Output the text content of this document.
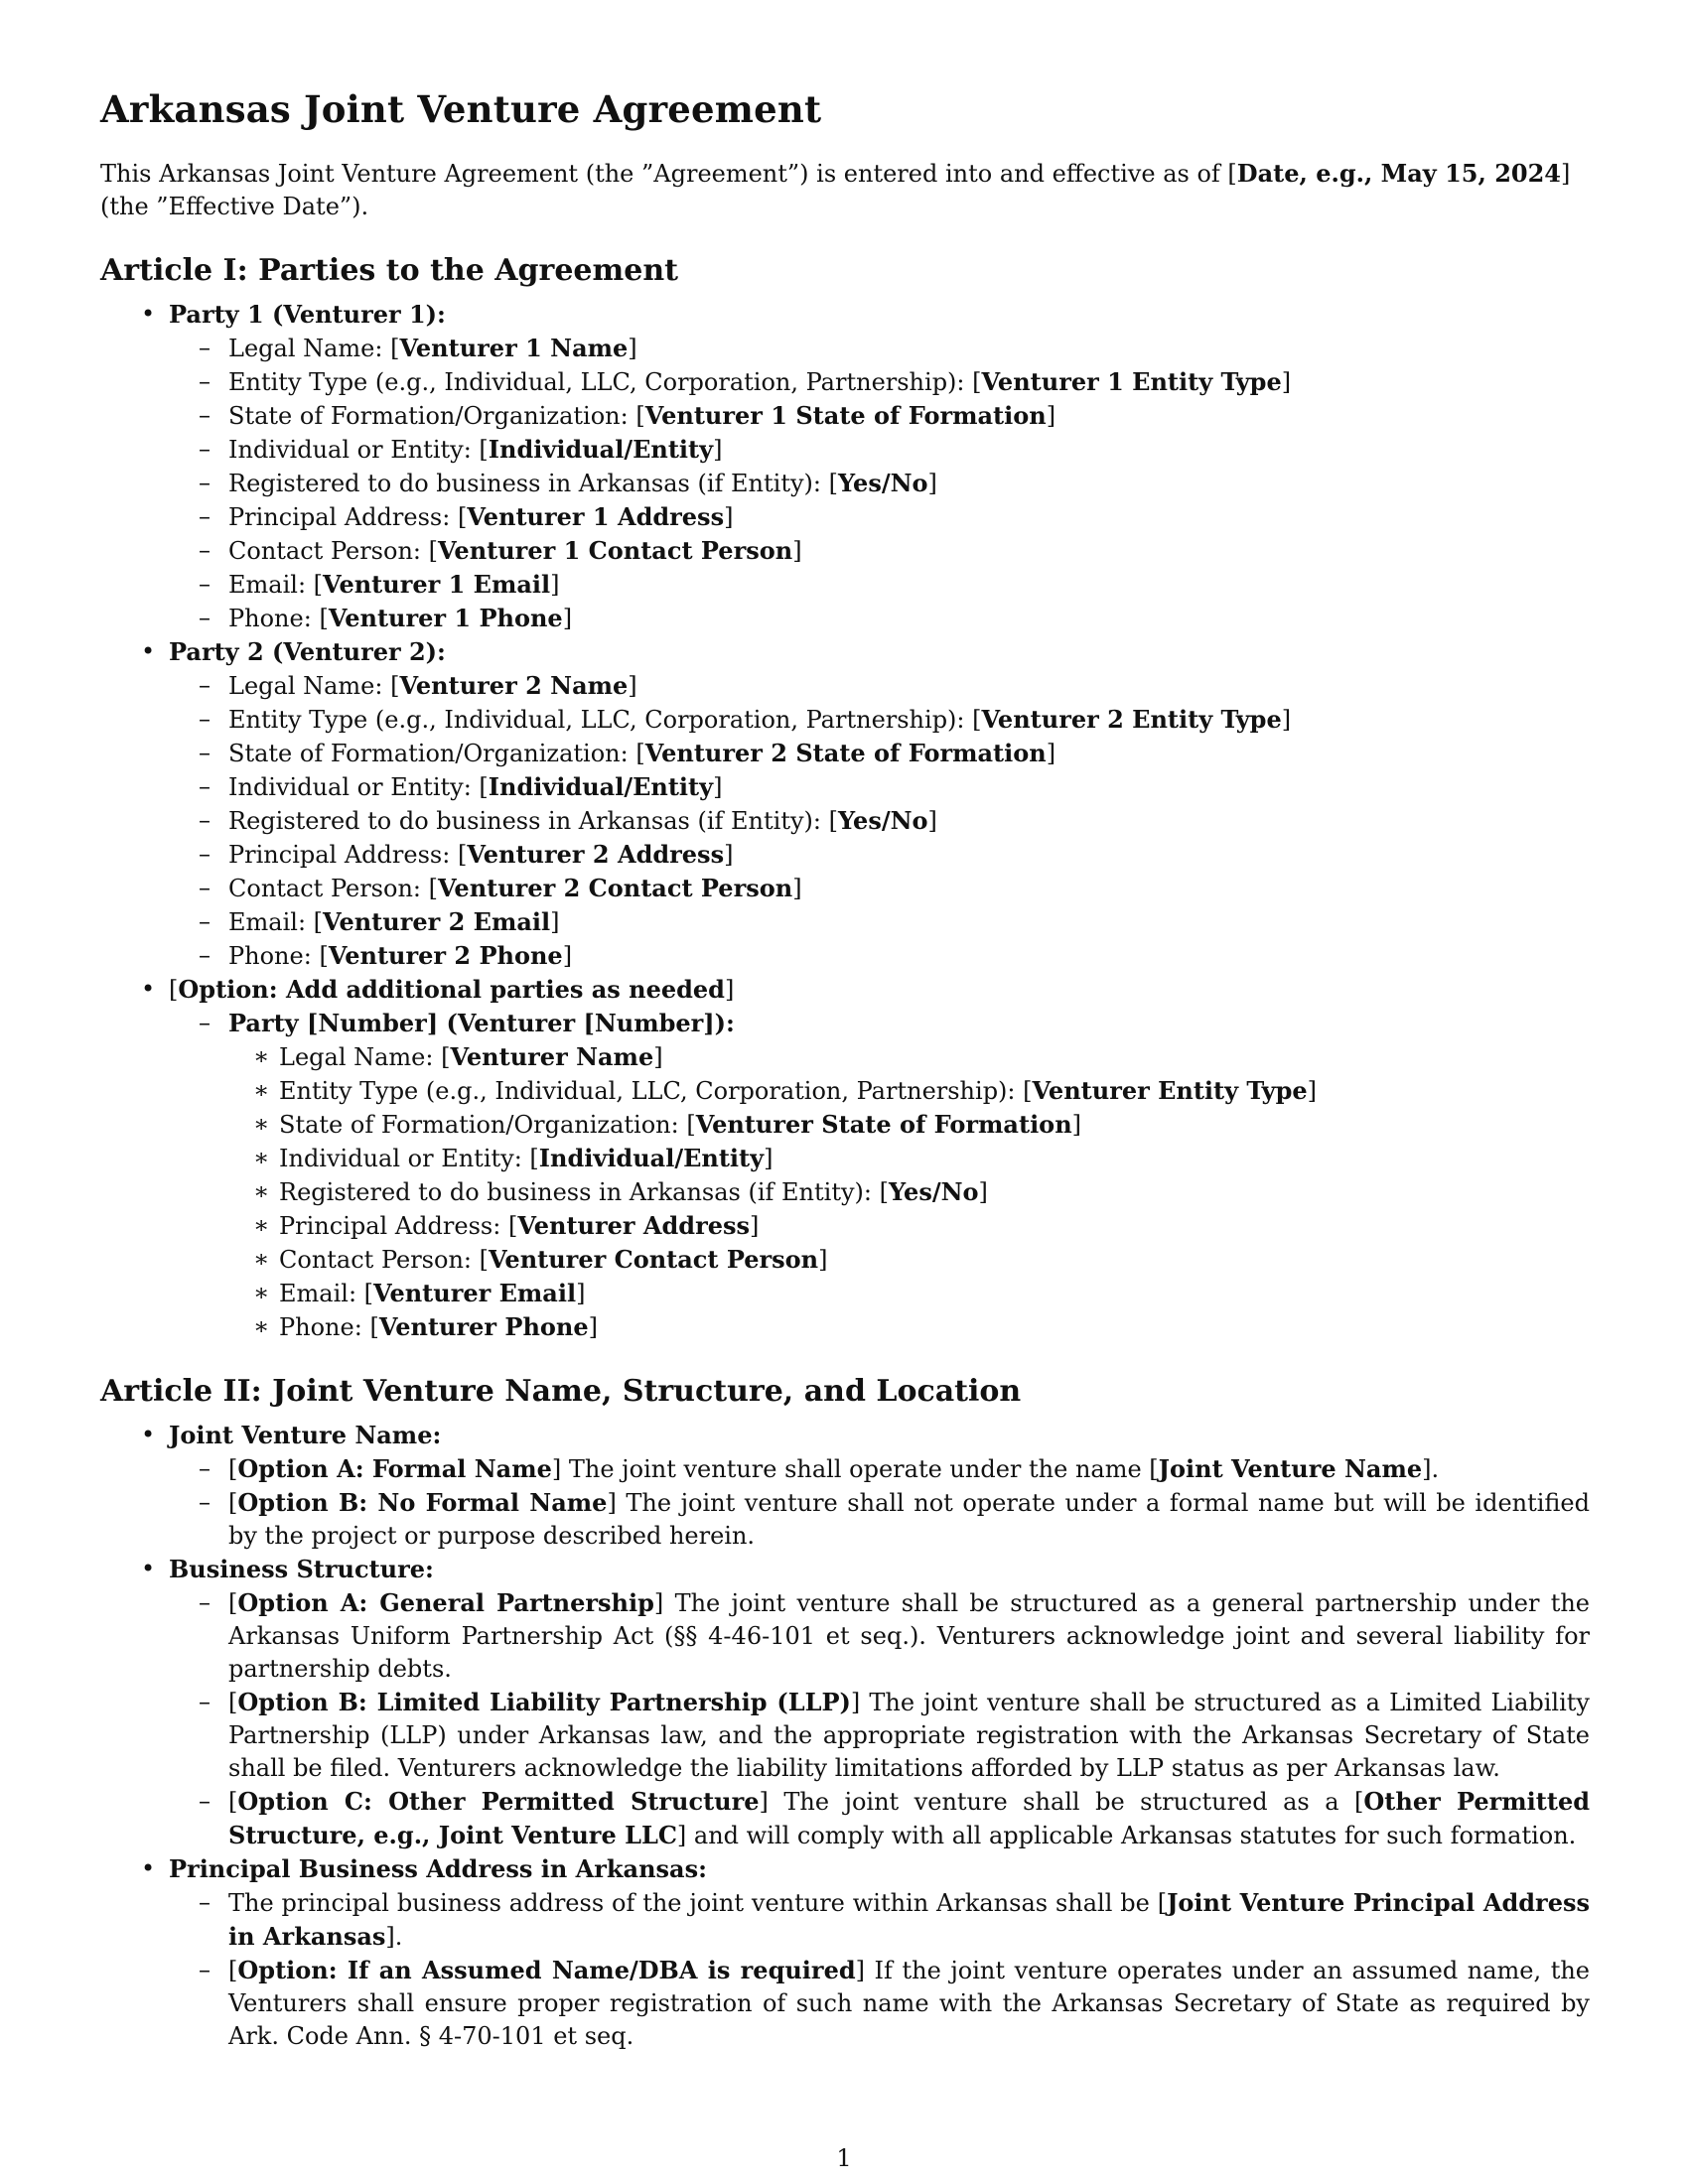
Arkansas Joint Venture Agreement

This Arkansas Joint Venture Agreement (the ”Agreement”) is entered into and effective as of [Date, e.g., May 15, 2024] (the ”Effective Date”).

Article I: Parties to the Agreement
• Party 1 (Venturer 1):
– Legal Name: [Venturer 1 Name]
– Entity Type (e.g., Individual, LLC, Corporation, Partnership): [Venturer 1 Entity Type]
– State of Formation/Organization: [Venturer 1 State of Formation]
– Individual or Entity: [Individual/Entity]
– Registered to do business in Arkansas (if Entity): [Yes/No]
– Principal Address: [Venturer 1 Address]
– Contact Person: [Venturer 1 Contact Person]
– Email: [Venturer 1 Email]
– Phone: [Venturer 1 Phone]
• Party 2 (Venturer 2):
– Legal Name: [Venturer 2 Name]
– Entity Type (e.g., Individual, LLC, Corporation, Partnership): [Venturer 2 Entity Type]
– State of Formation/Organization: [Venturer 2 State of Formation]
– Individual or Entity: [Individual/Entity]
– Registered to do business in Arkansas (if Entity): [Yes/No]
– Principal Address: [Venturer 2 Address]
– Contact Person: [Venturer 2 Contact Person]
– Email: [Venturer 2 Email]
– Phone: [Venturer 2 Phone]
• [Option: Add additional parties as needed]
– Party [Number] (Venturer [Number]):
∗ Legal Name: [Venturer Name]
∗ Entity Type (e.g., Individual, LLC, Corporation, Partnership): [Venturer Entity Type]
∗ State of Formation/Organization: [Venturer State of Formation]
∗ Individual or Entity: [Individual/Entity]
∗ Registered to do business in Arkansas (if Entity): [Yes/No]
∗ Principal Address: [Venturer Address]
∗ Contact Person: [Venturer Contact Person]
∗ Email: [Venturer Email]
∗ Phone: [Venturer Phone]
Article II: Joint Venture Name, Structure, and Location
• Joint Venture Name:
– [Option A: Formal Name] The joint venture shall operate under the name [Joint Venture Name].
– [Option B: No Formal Name] The joint venture shall not operate under a formal name but will be identified by the project or purpose described herein.
• Business Structure:
– [Option A: General Partnership] The joint venture shall be structured as a general partnership under the Arkansas Uniform Partnership Act (§§ 4-46-101 et seq.). Venturers acknowledge joint and several liability for partnership debts.
– [Option B: Limited Liability Partnership (LLP)] The joint venture shall be structured as a Limited Liability Partnership (LLP) under Arkansas law, and the appropriate registration with the Arkansas Secretary of State shall be filed. Venturers acknowledge the liability limitations afforded by LLP status as per Arkansas law.
– [Option C: Other Permitted Structure] The joint venture shall be structured as a [Other Permitted Structure, e.g., Joint Venture LLC] and will comply with all applicable Arkansas statutes for such formation.
• Principal Business Address in Arkansas:
– The principal business address of the joint venture within Arkansas shall be [Joint Venture Principal Address in Arkansas].
– [Option: If an Assumed Name/DBA is required] If the joint venture operates under an assumed name, the Venturers shall ensure proper registration of such name with the Arkansas Secretary of State as required by Ark. Code Ann. § 4-70-101 et seq.
1
